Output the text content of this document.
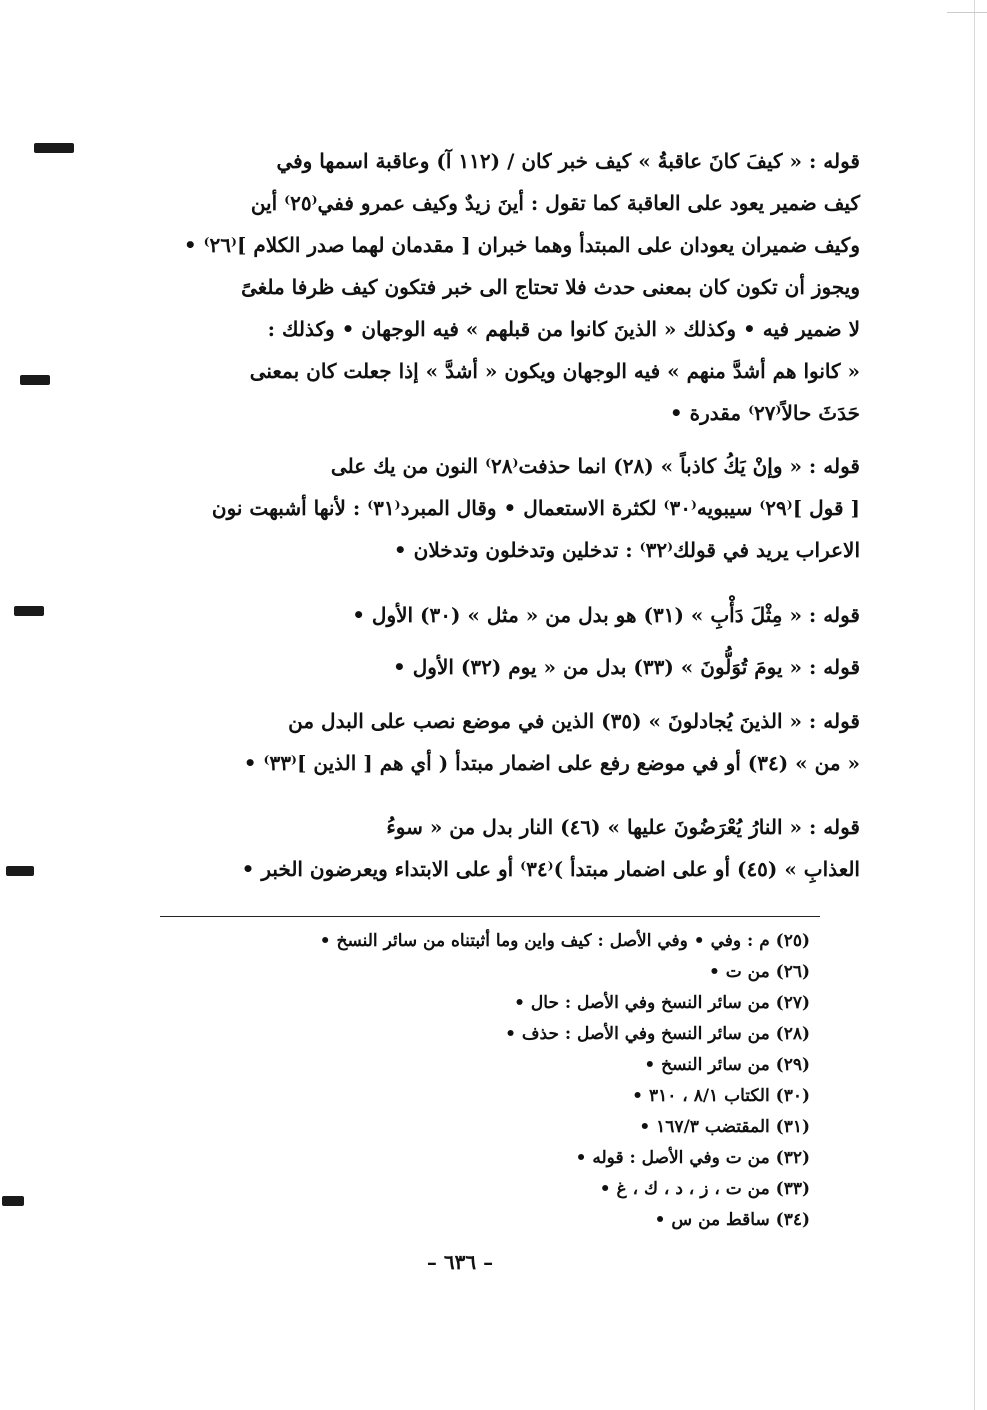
قوله : « كيفَ كانَ عاقبةُ » كيف خبر كان / (١١٢ آ) وعاقبة اسمها وفي
كيف ضمير يعود على العاقبة كما تقول : أينَ زيدٌ وكيف عمرو ففي⁽٢٥⁾ أين
وكيف ضميران يعودان على المبتدأ وهما خبران [ مقدمان لهما صدر الكلام ]⁽٢٦⁾ •
ويجوز أن تكون كان بمعنى حدث فلا تحتاج الى خبر فتكون كيف ظرفا ملغىً
لا ضمير فيه • وكذلك « الذينَ كانوا من قبلهم » فيه الوجهان • وكذلك :
« كانوا هم أشدَّ منهم » فيه الوجهان ويكون « أشدَّ » إذا جعلت كان بمعنى
حَدَثَ حالاً⁽٢٧⁾ مقدرة •
قوله : « وإنْ يَكُ كاذباً » (٢٨) انما حذفت⁽٢٨⁾ النون من يك على
[ قول ]⁽٢٩⁾ سيبويه⁽٣٠⁾ لكثرة الاستعمال • وقال المبرد⁽٣١⁾ : لأنها أشبهت نون
الاعراب يريد في قولك⁽٣٢⁾ : تدخلين وتدخلون وتدخلان •
قوله : « مِثْلَ دَأْبِ » (٣١) هو بدل من « مثل » (٣٠) الأول •
قوله : « يومَ تُوَلُّونَ » (٣٣) بدل من « يوم (٣٢) الأول •
قوله : « الذينَ يُجادلونَ » (٣٥) الذين في موضع نصب على البدل من
« من » (٣٤) أو في موضع رفع على اضمار مبتدأ ( أي هم [ الذين ]⁽٣٣⁾ •
قوله : « النارُ يُعْرَضُونَ عليها » (٤٦) النار بدل من « سوءُ
العذابِ » (٤٥) أو على اضمار مبتدأ )⁽٣٤⁾ أو على الابتداء ويعرضون الخبر •
(٢٥) م : وفي • وفي الأصل : كيف واين وما أثبتناه من سائر النسخ •
(٢٦) من ت •
(٢٧) من سائر النسخ وفي الأصل : حال •
(٢٨) من سائر النسخ وفي الأصل : حذف •
(٢٩) من سائر النسخ •
(٣٠) الكتاب ٨/١ ، ٣١٠ •
(٣١) المقتضب ١٦٧/٣ •
(٣٢) من ت وفي الأصل : قوله •
(٣٣) من ت ، ز ، د ، ك ، غ •
(٣٤) ساقط من س •
– ٦٣٦ –
